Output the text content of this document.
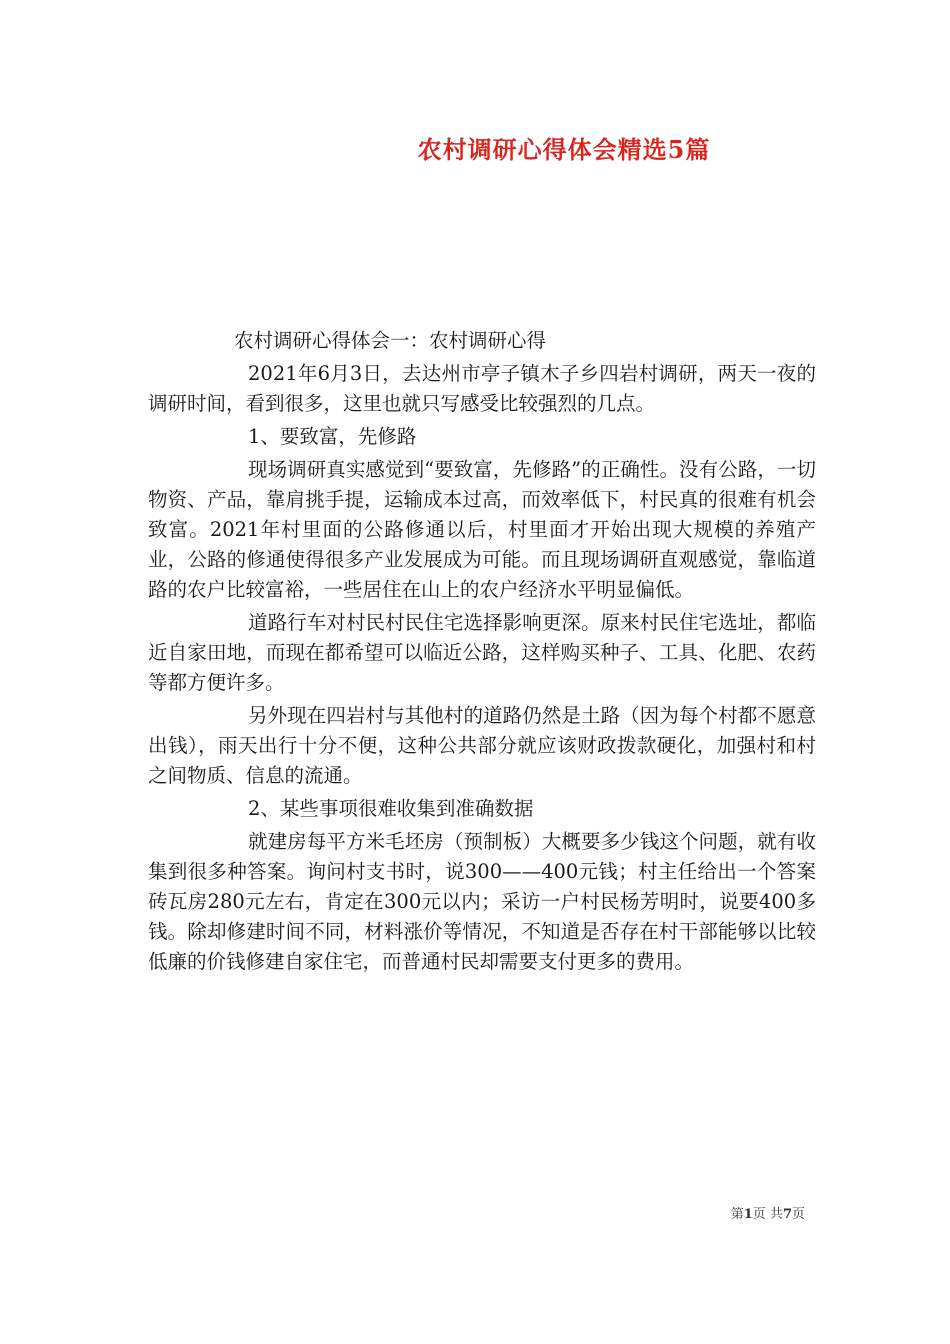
农村调研心得体会精选5篇

农村调研心得体会一：农村调研心得

2021年6月3日，去达州市亭子镇木子乡四岩村调研，两天一夜的调研时间，看到很多，这里也就只写感受比较强烈的几点。

1、要致富，先修路

现场调研真实感觉到“要致富，先修路”的正确性。没有公路，一切物资、产品，靠肩挑手提，运输成本过高，而效率低下，村民真的很难有机会致富。2021年村里面的公路修通以后，村里面才开始出现大规模的养殖产业，公路的修通使得很多产业发展成为可能。而且现场调研直观感觉，靠临道路的农户比较富裕，一些居住在山上的农户经济水平明显偏低。

道路行车对村民村民住宅选择影响更深。原来村民住宅选址，都临近自家田地，而现在都希望可以临近公路，这样购买种子、工具、化肥、农药等都方便许多。

另外现在四岩村与其他村的道路仍然是土路（因为每个村都不愿意出钱），雨天出行十分不便，这种公共部分就应该财政拨款硬化，加强村和村之间物质、信息的流通。

2、某些事项很难收集到准确数据

就建房每平方米毛坯房（预制板）大概要多少钱这个问题，就有收集到很多种答案。询问村支书时，说300——400元钱；村主任给出一个答案砖瓦房280元左右，肯定在300元以内；采访一户村民杨芳明时，说要400多钱。除却修建时间不同，材料涨价等情况，不知道是否存在村干部能够以比较低廉的价钱修建自家住宅，而普通村民却需要支付更多的费用。

第1页 共7页
